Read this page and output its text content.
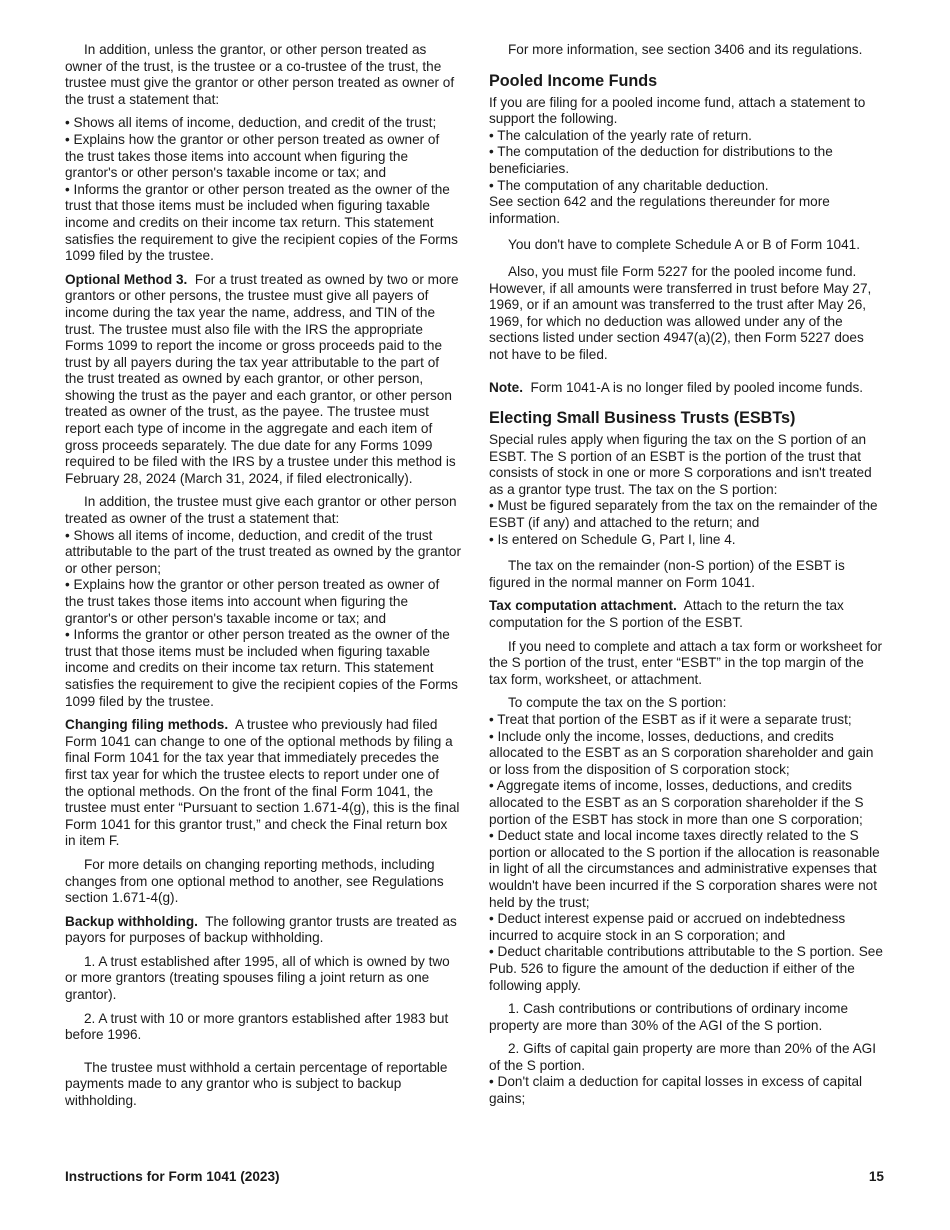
In addition, unless the grantor, or other person treated as owner of the trust, is the trustee or a co-trustee of the trust, the trustee must give the grantor or other person treated as owner of the trust a statement that:

• Shows all items of income, deduction, and credit of the trust;

• Explains how the grantor or other person treated as owner of the trust takes those items into account when figuring the grantor's or other person's taxable income or tax; and

• Informs the grantor or other person treated as the owner of the trust that those items must be included when figuring taxable income and credits on their income tax return. This statement satisfies the requirement to give the recipient copies of the Forms 1099 filed by the trustee.

Optional Method 3. For a trust treated as owned by two or more grantors or other persons, the trustee must give all payers of income during the tax year the name, address, and TIN of the trust. The trustee must also file with the IRS the appropriate Forms 1099 to report the income or gross proceeds paid to the trust by all payers during the tax year attributable to the part of the trust treated as owned by each grantor, or other person, showing the trust as the payer and each grantor, or other person treated as owner of the trust, as the payee. The trustee must report each type of income in the aggregate and each item of gross proceeds separately. The due date for any Forms 1099 required to be filed with the IRS by a trustee under this method is February 28, 2024 (March 31, 2024, if filed electronically).

In addition, the trustee must give each grantor or other person treated as owner of the trust a statement that:

• Shows all items of income, deduction, and credit of the trust attributable to the part of the trust treated as owned by the grantor or other person;

• Explains how the grantor or other person treated as owner of the trust takes those items into account when figuring the grantor's or other person's taxable income or tax; and

• Informs the grantor or other person treated as the owner of the trust that those items must be included when figuring taxable income and credits on their income tax return. This statement satisfies the requirement to give the recipient copies of the Forms 1099 filed by the trustee.

Changing filing methods. A trustee who previously had filed Form 1041 can change to one of the optional methods by filing a final Form 1041 for the tax year that immediately precedes the first tax year for which the trustee elects to report under one of the optional methods. On the front of the final Form 1041, the trustee must enter “Pursuant to section 1.671-4(g), this is the final Form 1041 for this grantor trust,” and check the Final return box in item F.

For more details on changing reporting methods, including changes from one optional method to another, see Regulations section 1.671-4(g).

Backup withholding. The following grantor trusts are treated as payors for purposes of backup withholding.

1. A trust established after 1995, all of which is owned by two or more grantors (treating spouses filing a joint return as one grantor).

2. A trust with 10 or more grantors established after 1983 but before 1996.

The trustee must withhold a certain percentage of reportable payments made to any grantor who is subject to backup withholding.

For more information, see section 3406 and its regulations.

Pooled Income Funds

If you are filing for a pooled income fund, attach a statement to support the following.

• The calculation of the yearly rate of return.

• The computation of the deduction for distributions to the beneficiaries.

• The computation of any charitable deduction.

See section 642 and the regulations thereunder for more information.

You don't have to complete Schedule A or B of Form 1041.

Also, you must file Form 5227 for the pooled income fund. However, if all amounts were transferred in trust before May 27, 1969, or if an amount was transferred to the trust after May 26, 1969, for which no deduction was allowed under any of the sections listed under section 4947(a)(2), then Form 5227 does not have to be filed.

Note. Form 1041-A is no longer filed by pooled income funds.

Electing Small Business Trusts (ESBTs)

Special rules apply when figuring the tax on the S portion of an ESBT. The S portion of an ESBT is the portion of the trust that consists of stock in one or more S corporations and isn't treated as a grantor type trust. The tax on the S portion:

• Must be figured separately from the tax on the remainder of the ESBT (if any) and attached to the return; and

• Is entered on Schedule G, Part I, line 4.

The tax on the remainder (non-S portion) of the ESBT is figured in the normal manner on Form 1041.

Tax computation attachment. Attach to the return the tax computation for the S portion of the ESBT.

If you need to complete and attach a tax form or worksheet for the S portion of the trust, enter “ESBT” in the top margin of the tax form, worksheet, or attachment.

To compute the tax on the S portion:

• Treat that portion of the ESBT as if it were a separate trust;

• Include only the income, losses, deductions, and credits allocated to the ESBT as an S corporation shareholder and gain or loss from the disposition of S corporation stock;

• Aggregate items of income, losses, deductions, and credits allocated to the ESBT as an S corporation shareholder if the S portion of the ESBT has stock in more than one S corporation;

• Deduct state and local income taxes directly related to the S portion or allocated to the S portion if the allocation is reasonable in light of all the circumstances and administrative expenses that wouldn't have been incurred if the S corporation shares were not held by the trust;

• Deduct interest expense paid or accrued on indebtedness incurred to acquire stock in an S corporation; and

• Deduct charitable contributions attributable to the S portion. See Pub. 526 to figure the amount of the deduction if either of the following apply.

1. Cash contributions or contributions of ordinary income property are more than 30% of the AGI of the S portion.

2. Gifts of capital gain property are more than 20% of the AGI of the S portion.

• Don't claim a deduction for capital losses in excess of capital gains;

Instructions for Form 1041 (2023)	15
